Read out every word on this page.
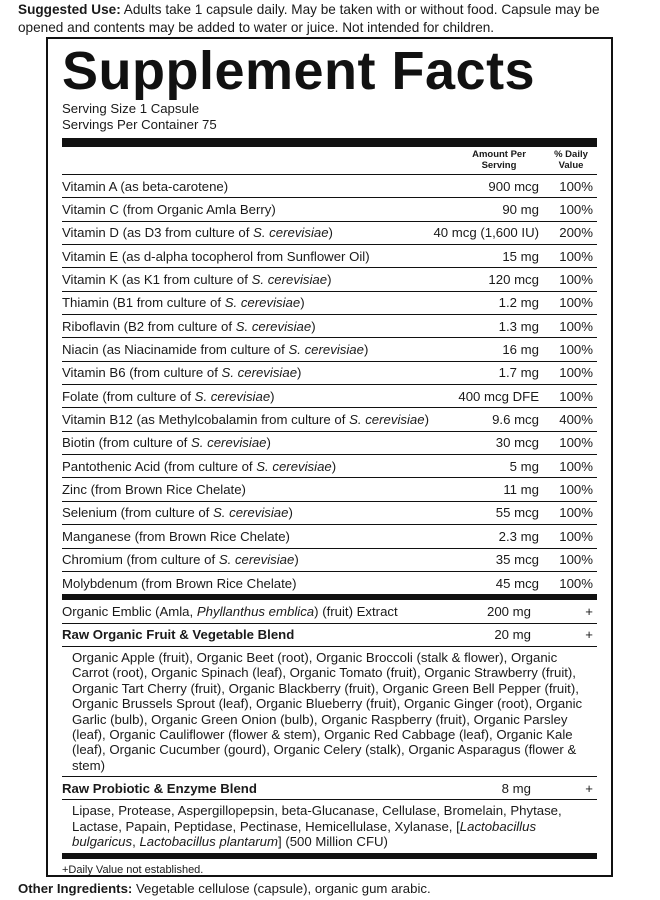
Suggested Use: Adults take 1 capsule daily. May be taken with or without food. Capsule may be opened and contents may be added to water or juice. Not intended for children.
Supplement Facts
Serving Size 1 Capsule
Servings Per Container 75
Amount Per Serving
% Daily Value
Vitamin A (as beta-carotene)	900 mcg	100%
Vitamin C (from Organic Amla Berry)	90 mg	100%
Vitamin D (as D3 from culture of S. cerevisiae)	40 mcg (1,600 IU)	200%
Vitamin E (as d-alpha tocopherol from Sunflower Oil)	15 mg	100%
Vitamin K (as K1 from culture of S. cerevisiae)	120 mcg	100%
Thiamin (B1 from culture of S. cerevisiae)	1.2 mg	100%
Riboflavin (B2 from culture of S. cerevisiae)	1.3 mg	100%
Niacin (as Niacinamide from culture of S. cerevisiae)	16 mg	100%
Vitamin B6 (from culture of S. cerevisiae)	1.7 mg	100%
Folate (from culture of S. cerevisiae)	400 mcg DFE	100%
Vitamin B12 (as Methylcobalamin from culture of S. cerevisiae)	9.6 mcg	400%
Biotin (from culture of S. cerevisiae)	30 mcg	100%
Pantothenic Acid (from culture of S. cerevisiae)	5 mg	100%
Zinc (from Brown Rice Chelate)	11 mg	100%
Selenium (from culture of S. cerevisiae)	55 mcg	100%
Manganese (from Brown Rice Chelate)	2.3 mg	100%
Chromium (from culture of S. cerevisiae)	35 mcg	100%
Molybdenum (from Brown Rice Chelate)	45 mcg	100%
Organic Emblic (Amla, Phyllanthus emblica) (fruit) Extract	200 mg	+
Raw Organic Fruit & Vegetable Blend	20 mg	+
Organic Apple (fruit), Organic Beet (root), Organic Broccoli (stalk & flower), Organic Carrot (root), Organic Spinach (leaf), Organic Tomato (fruit), Organic Strawberry (fruit), Organic Tart Cherry (fruit), Organic Blackberry (fruit), Organic Green Bell Pepper (fruit), Organic Brussels Sprout (leaf), Organic Blueberry (fruit), Organic Ginger (root), Organic Garlic (bulb), Organic Green Onion (bulb), Organic Raspberry (fruit), Organic Parsley (leaf), Organic Cauliflower (flower & stem), Organic Red Cabbage (leaf), Organic Kale (leaf), Organic Cucumber (gourd), Organic Celery (stalk), Organic Asparagus (flower & stem)
Raw Probiotic & Enzyme Blend	8 mg	+
Lipase, Protease, Aspergillopepsin, beta-Glucanase, Cellulase, Bromelain, Phytase, Lactase, Papain, Peptidase, Pectinase, Hemicellulase, Xylanase, [Lactobacillus bulgaricus, Lactobacillus plantarum] (500 Million CFU)
+Daily Value not established.
Other Ingredients: Vegetable cellulose (capsule), organic gum arabic.
